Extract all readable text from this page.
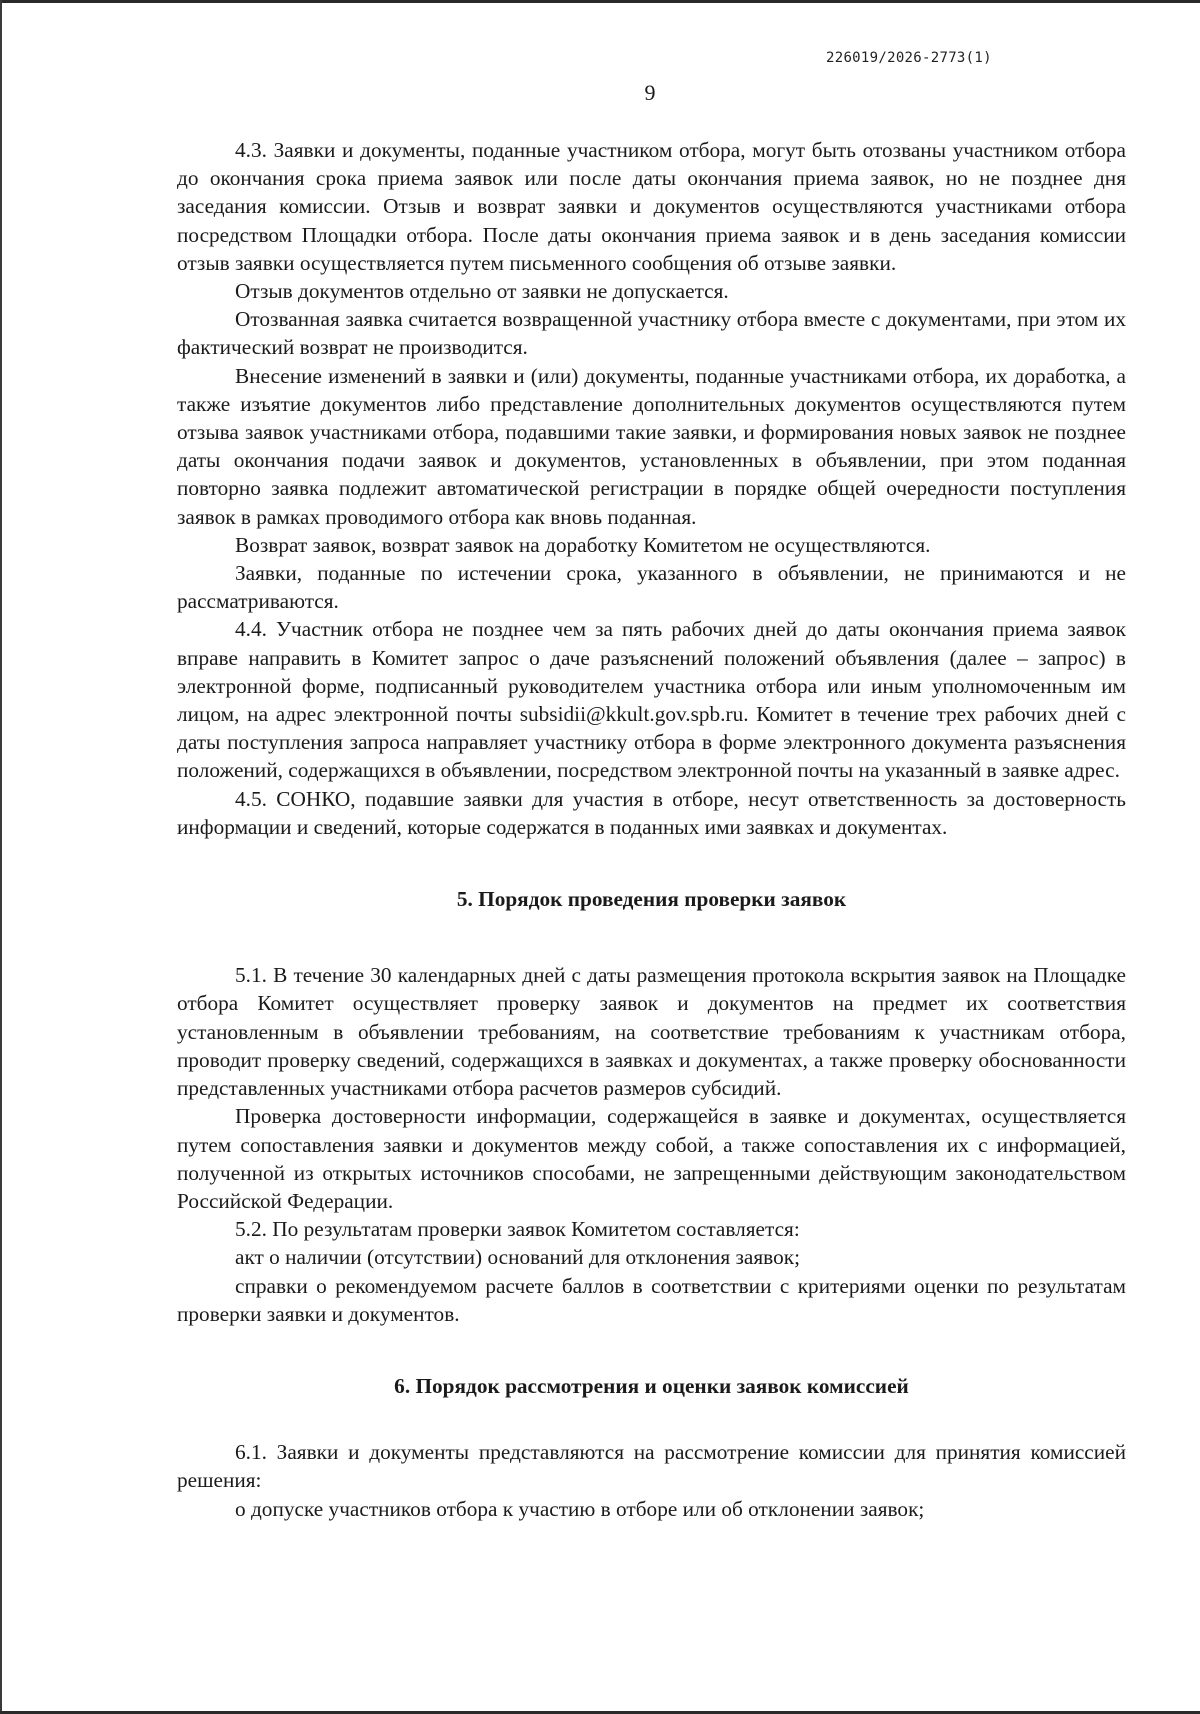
226019/2026-2773(1)
9

4.3. Заявки и документы, поданные участником отбора, могут быть отозваны участником отбора до окончания срока приема заявок или после даты окончания приема заявок, но не позднее дня заседания комиссии. Отзыв и возврат заявки и документов осуществляются участниками отбора посредством Площадки отбора. После даты окончания приема заявок и в день заседания комиссии отзыв заявки осуществляется путем письменного сообщения об отзыве заявки.

Отзыв документов отдельно от заявки не допускается.

Отозванная заявка считается возвращенной участнику отбора вместе с документами, при этом их фактический возврат не производится.

Внесение изменений в заявки и (или) документы, поданные участниками отбора, их доработка, а также изъятие документов либо представление дополнительных документов осуществляются путем отзыва заявок участниками отбора, подавшими такие заявки, и формирования новых заявок не позднее даты окончания подачи заявок и документов, установленных в объявлении, при этом поданная повторно заявка подлежит автоматической регистрации в порядке общей очередности поступления заявок в рамках проводимого отбора как вновь поданная.

Возврат заявок, возврат заявок на доработку Комитетом не осуществляются.

Заявки, поданные по истечении срока, указанного в объявлении, не принимаются и не рассматриваются.

4.4. Участник отбора не позднее чем за пять рабочих дней до даты окончания приема заявок вправе направить в Комитет запрос о даче разъяснений положений объявления (далее – запрос) в электронной форме, подписанный руководителем участника отбора или иным уполномоченным им лицом, на адрес электронной почты subsidii@kkult.gov.spb.ru. Комитет в течение трех рабочих дней с даты поступления запроса направляет участнику отбора в форме электронного документа разъяснения положений, содержащихся в объявлении, посредством электронной почты на указанный в заявке адрес.

4.5. СОНКО, подавшие заявки для участия в отборе, несут ответственность за достоверность информации и сведений, которые содержатся в поданных ими заявках и документах.

5. Порядок проведения проверки заявок

5.1. В течение 30 календарных дней с даты размещения протокола вскрытия заявок на Площадке отбора Комитет осуществляет проверку заявок и документов на предмет их соответствия установленным в объявлении требованиям, на соответствие требованиям к участникам отбора, проводит проверку сведений, содержащихся в заявках и документах, а также проверку обоснованности представленных участниками отбора расчетов размеров субсидий.

Проверка достоверности информации, содержащейся в заявке и документах, осуществляется путем сопоставления заявки и документов между собой, а также сопоставления их с информацией, полученной из открытых источников способами, не запрещенными действующим законодательством Российской Федерации.

5.2. По результатам проверки заявок Комитетом составляется:

акт о наличии (отсутствии) оснований для отклонения заявок;

справки о рекомендуемом расчете баллов в соответствии с критериями оценки по результатам проверки заявки и документов.

6. Порядок рассмотрения и оценки заявок комиссией

6.1. Заявки и документы представляются на рассмотрение комиссии для принятия комиссией решения:

о допуске участников отбора к участию в отборе или об отклонении заявок;
